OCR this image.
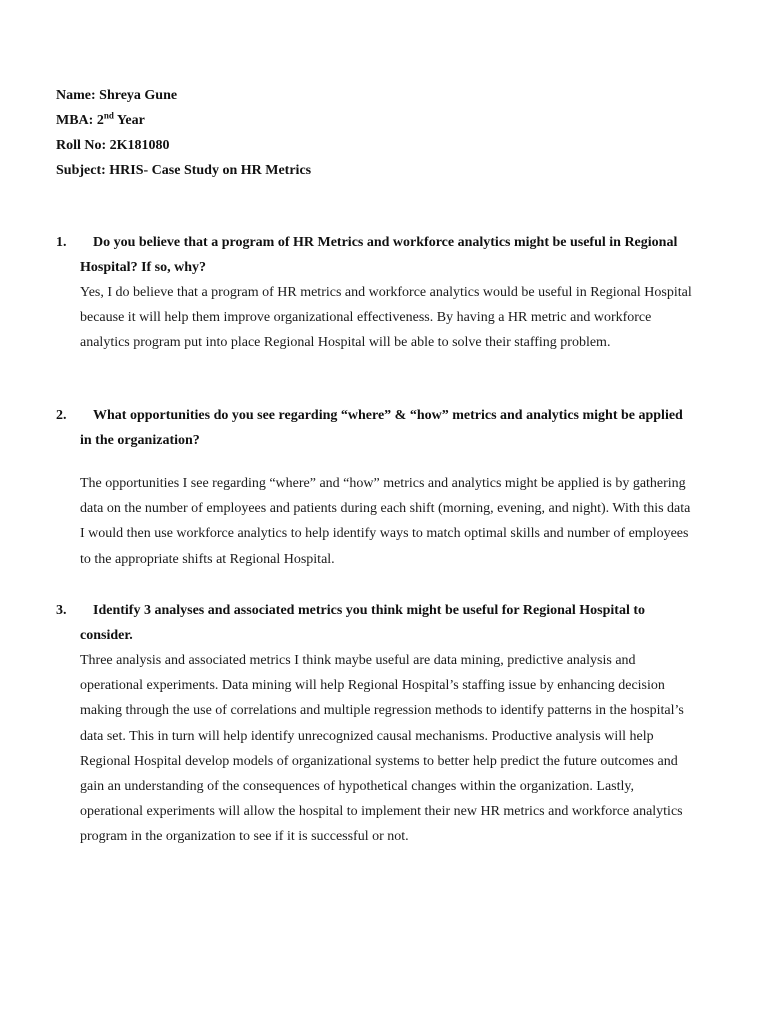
Name: Shreya Gune
MBA: 2nd Year
Roll No: 2K181080
Subject: HRIS- Case Study on HR Metrics
1.	Do you believe that a program of HR Metrics and workforce analytics might be useful in Regional Hospital? If so, why?
Yes, I do believe that a program of HR metrics and workforce analytics would be useful in Regional Hospital because it will help them improve organizational effectiveness. By having a HR metric and workforce analytics program put into place Regional Hospital will be able to solve their staffing problem.
2.	What opportunities do you see regarding “where” & “how” metrics and analytics might be applied in the organization?
The opportunities I see regarding “where” and “how” metrics and analytics might be applied is by gathering data on the number of employees and patients during each shift (morning, evening, and night). With this data I would then use workforce analytics to help identify ways to match optimal skills and number of employees to the appropriate shifts at Regional Hospital.
3.	Identify 3 analyses and associated metrics you think might be useful for Regional Hospital to consider.
Three analysis and associated metrics I think maybe useful are data mining, predictive analysis and operational experiments. Data mining will help Regional Hospital’s staffing issue by enhancing decision making through the use of correlations and multiple regression methods to identify patterns in the hospital’s data set. This in turn will help identify unrecognized causal mechanisms. Productive analysis will help Regional Hospital develop models of organizational systems to better help predict the future outcomes and gain an understanding of the consequences of hypothetical changes within the organization. Lastly, operational experiments will allow the hospital to implement their new HR metrics and workforce analytics program in the organization to see if it is successful or not.
